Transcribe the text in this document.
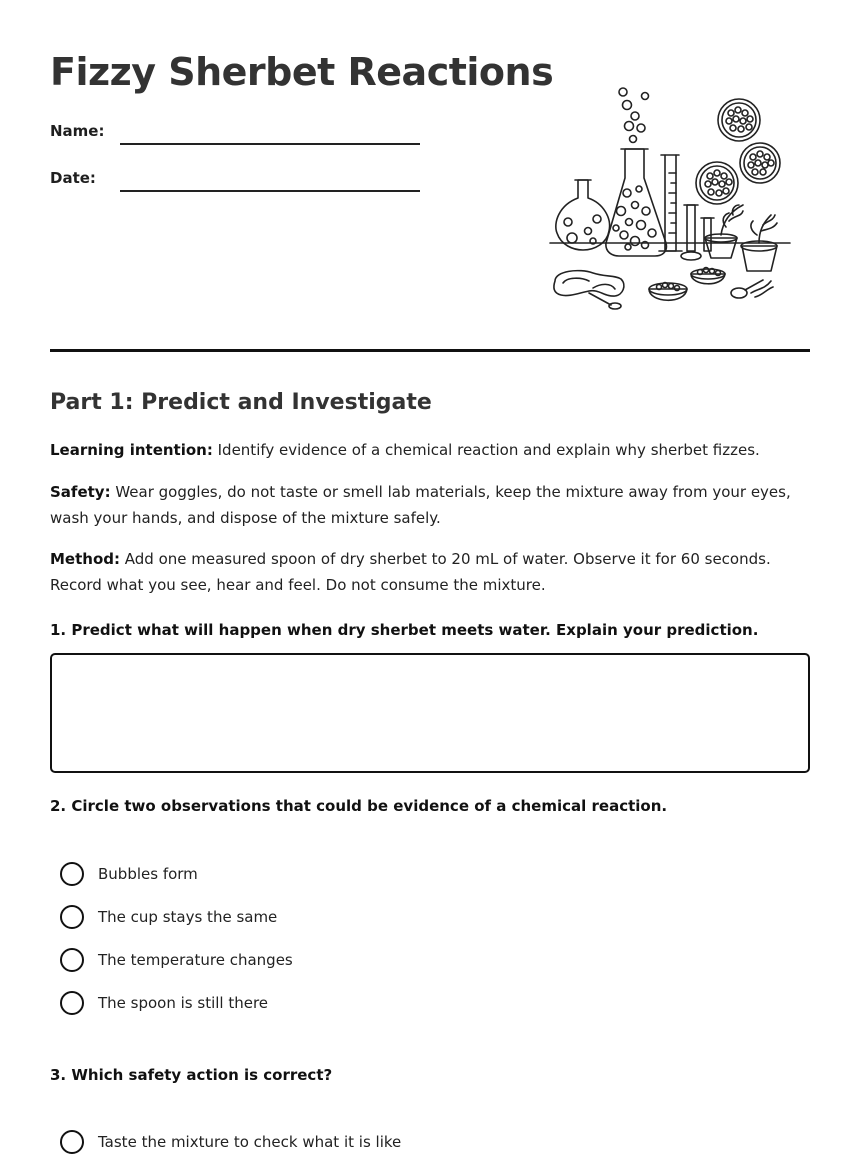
Fizzy Sherbet Reactions
Name:
Date:
Part 1: Predict and Investigate

Learning intention: Identify evidence of a chemical reaction and explain why sherbet fizzes.

Safety: Wear goggles, do not taste or smell lab materials, keep the mixture away from your eyes, wash your hands, and dispose of the mixture safely.

Method: Add one measured spoon of dry sherbet to 20 mL of water. Observe it for 60 seconds. Record what you see, hear and feel. Do not consume the mixture.

1. Predict what will happen when dry sherbet meets water. Explain your prediction.

2. Circle two observations that could be evidence of a chemical reaction.

Bubbles form
The cup stays the same
The temperature changes
The spoon is still there

3. Which safety action is correct?

Taste the mixture to check what it is like
